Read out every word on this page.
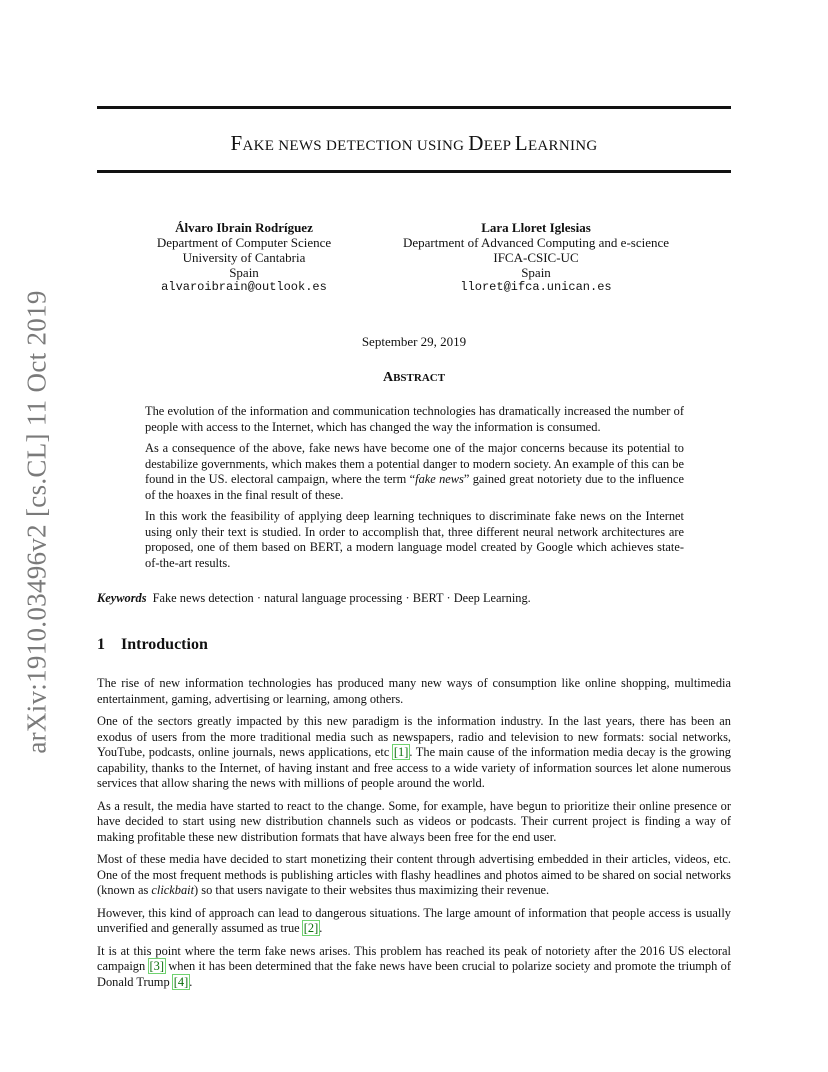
arXiv:1910.03496v2 [cs.CL] 11 Oct 2019
FAKE NEWS DETECTION USING DEEP LEARNING
Álvaro Ibrain Rodríguez
Department of Computer Science
University of Cantabria
Spain
alvaroibrain@outlook.es
Lara Lloret Iglesias
Department of Advanced Computing and e-science
IFCA-CSIC-UC
Spain
lloret@ifca.unican.es
September 29, 2019
ABSTRACT

The evolution of the information and communication technologies has dramatically increased the number of people with access to the Internet, which has changed the way the information is consumed.

As a consequence of the above, fake news have become one of the major concerns because its potential to destabilize governments, which makes them a potential danger to modern society. An example of this can be found in the US. electoral campaign, where the term “fake news” gained great notoriety due to the influence of the hoaxes in the final result of these.

In this work the feasibility of applying deep learning techniques to discriminate fake news on the Internet using only their text is studied. In order to accomplish that, three different neural network architectures are proposed, one of them based on BERT, a modern language model created by Google which achieves state-of-the-art results.

Keywords Fake news detection · natural language processing · BERT · Deep Learning.
1 Introduction

The rise of new information technologies has produced many new ways of consumption like online shopping, multimedia entertainment, gaming, advertising or learning, among others.

One of the sectors greatly impacted by this new paradigm is the information industry. In the last years, there has been an exodus of users from the more traditional media such as newspapers, radio and television to new formats: social networks, YouTube, podcasts, online journals, news applications, etc [1]. The main cause of the information media decay is the growing capability, thanks to the Internet, of having instant and free access to a wide variety of information sources let alone numerous services that allow sharing the news with millions of people around the world.

As a result, the media have started to react to the change. Some, for example, have begun to prioritize their online presence or have decided to start using new distribution channels such as videos or podcasts. Their current project is finding a way of making profitable these new distribution formats that have always been free for the end user.

Most of these media have decided to start monetizing their content through advertising embedded in their articles, videos, etc. One of the most frequent methods is publishing articles with flashy headlines and photos aimed to be shared on social networks (known as clickbait) so that users navigate to their websites thus maximizing their revenue.

However, this kind of approach can lead to dangerous situations. The large amount of information that people access is usually unverified and generally assumed as true [2].

It is at this point where the term fake news arises. This problem has reached its peak of notoriety after the 2016 US electoral campaign [3] when it has been determined that the fake news have been crucial to polarize society and promote the triumph of Donald Trump [4].
